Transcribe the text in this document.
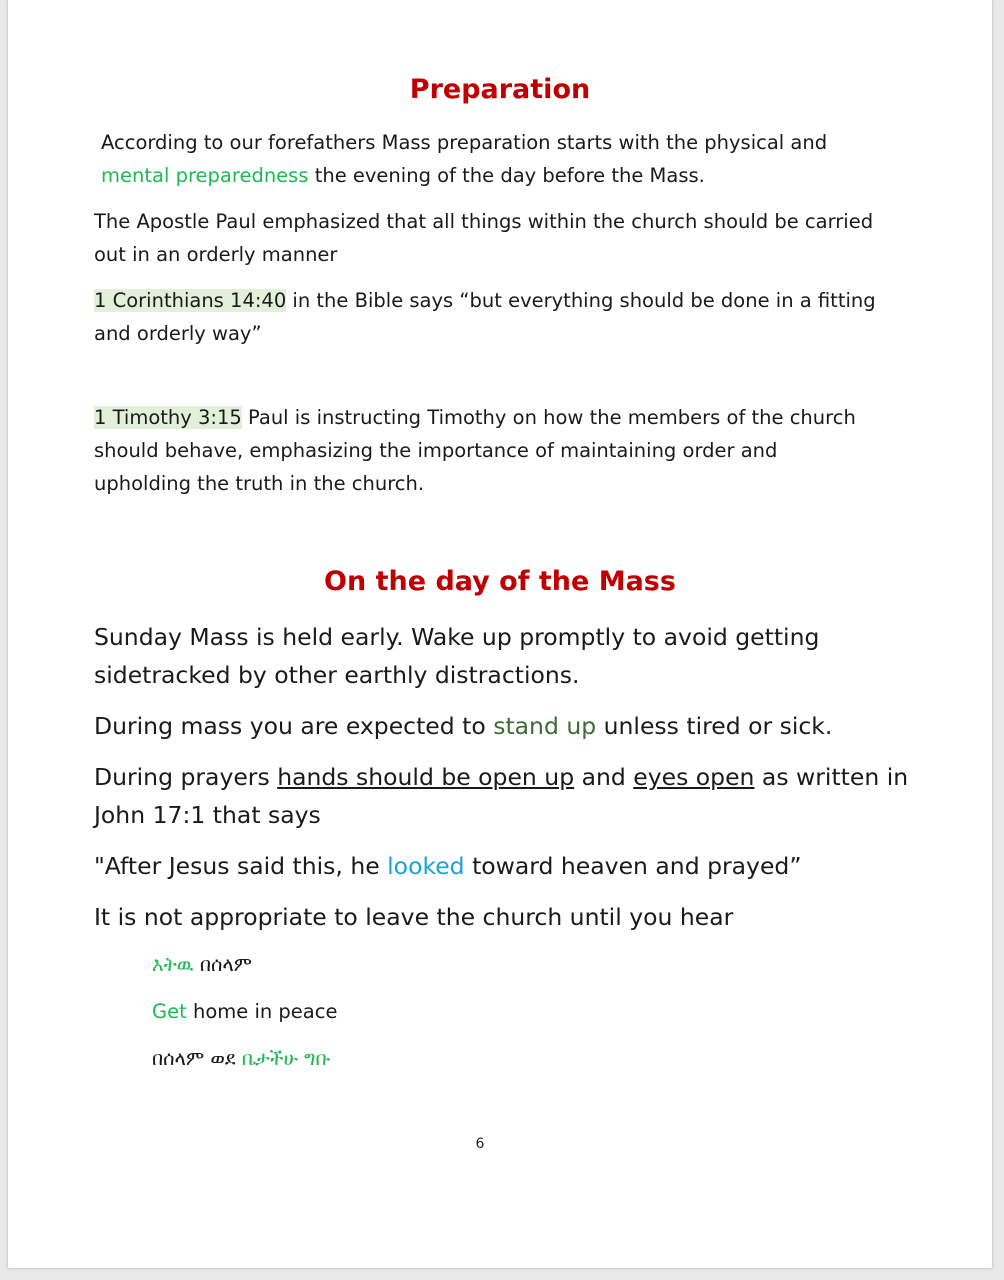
Preparation
According to our forefathers Mass preparation starts with the physical and
mental preparedness the evening of the day before the Mass.
The Apostle Paul emphasized that all things within the church should be carried
out in an orderly manner
1 Corinthians 14:40 in the Bible says “but everything should be done in a fitting
and orderly way”
1 Timothy 3:15 Paul is instructing Timothy on how the members of the church
should behave, emphasizing the importance of maintaining order and
upholding the truth in the church.
On the day of the Mass
Sunday Mass is held early. Wake up promptly to avoid getting
sidetracked by other earthly distractions.
During mass you are expected to stand up unless tired or sick.
During prayers hands should be open up and eyes open as written in
John 17:1 that says
"After Jesus said this, he looked toward heaven and prayed”
It is not appropriate to leave the church until you hear
እትዉ በሰላም
Get home in peace
በሰላም ወደ ቤታችሁ ግቡ
6
